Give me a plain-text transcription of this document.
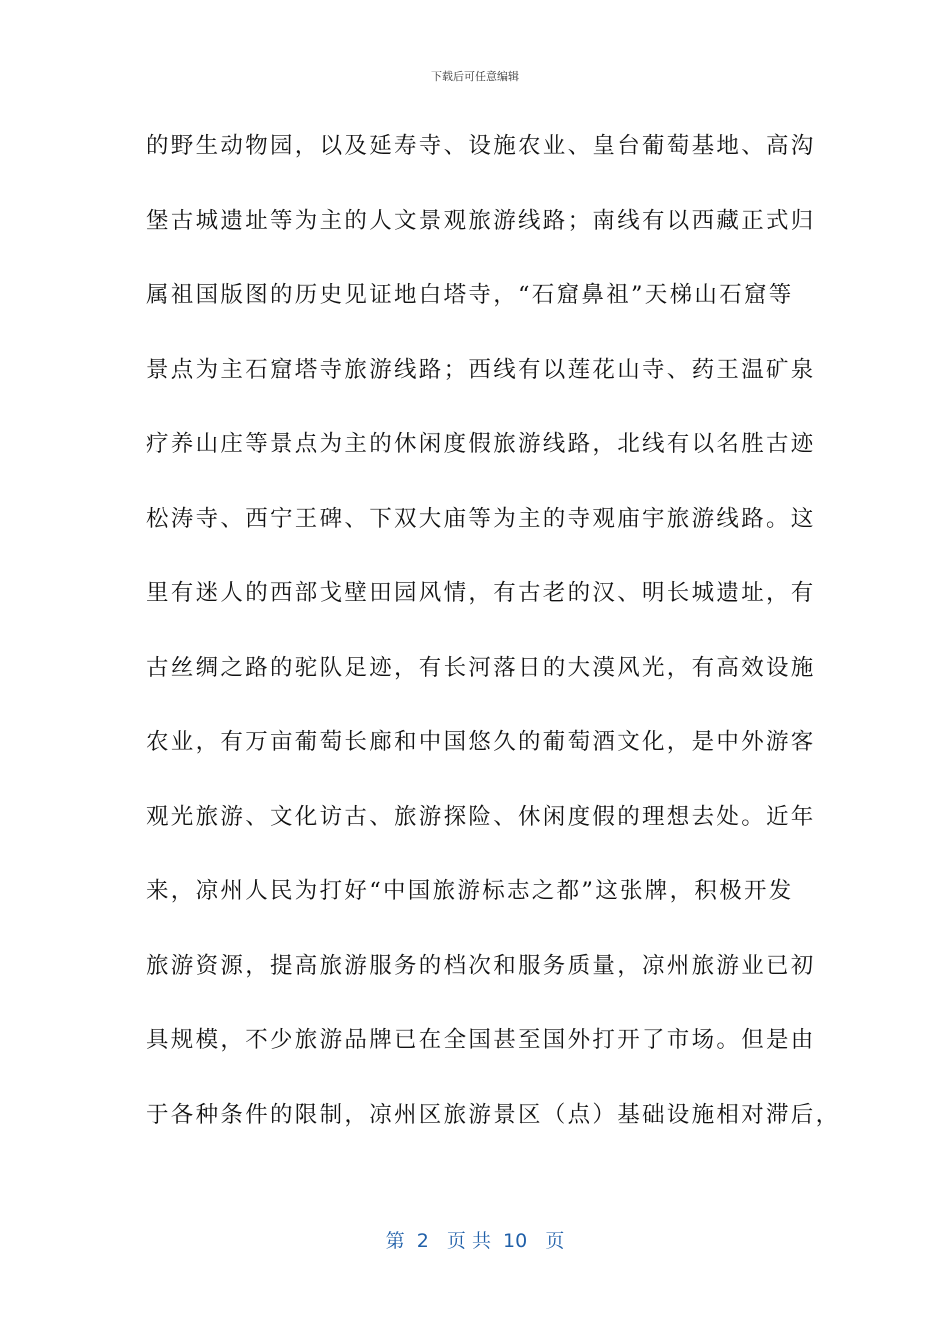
下载后可任意编辑
的野生动物园，以及延寿寺、设施农业、皇台葡萄基地、高沟
堡古城遗址等为主的人文景观旅游线路；南线有以西藏正式归
属祖国版图的历史见证地白塔寺，“石窟鼻祖”天梯山石窟等
景点为主石窟塔寺旅游线路；西线有以莲花山寺、药王温矿泉
疗养山庄等景点为主的休闲度假旅游线路，北线有以名胜古迹
松涛寺、西宁王碑、下双大庙等为主的寺观庙宇旅游线路。这
里有迷人的西部戈壁田园风情，有古老的汉、明长城遗址，有
古丝绸之路的驼队足迹，有长河落日的大漠风光，有高效设施
农业，有万亩葡萄长廊和中国悠久的葡萄酒文化，是中外游客
观光旅游、文化访古、旅游探险、休闲度假的理想去处。近年
来，凉州人民为打好“中国旅游标志之都”这张牌，积极开发
旅游资源，提高旅游服务的档次和服务质量，凉州旅游业已初
具规模，不少旅游品牌已在全国甚至国外打开了市场。但是由
于各种条件的限制，凉州区旅游景区（点）基础设施相对滞后，
第  2   页 共  10   页
